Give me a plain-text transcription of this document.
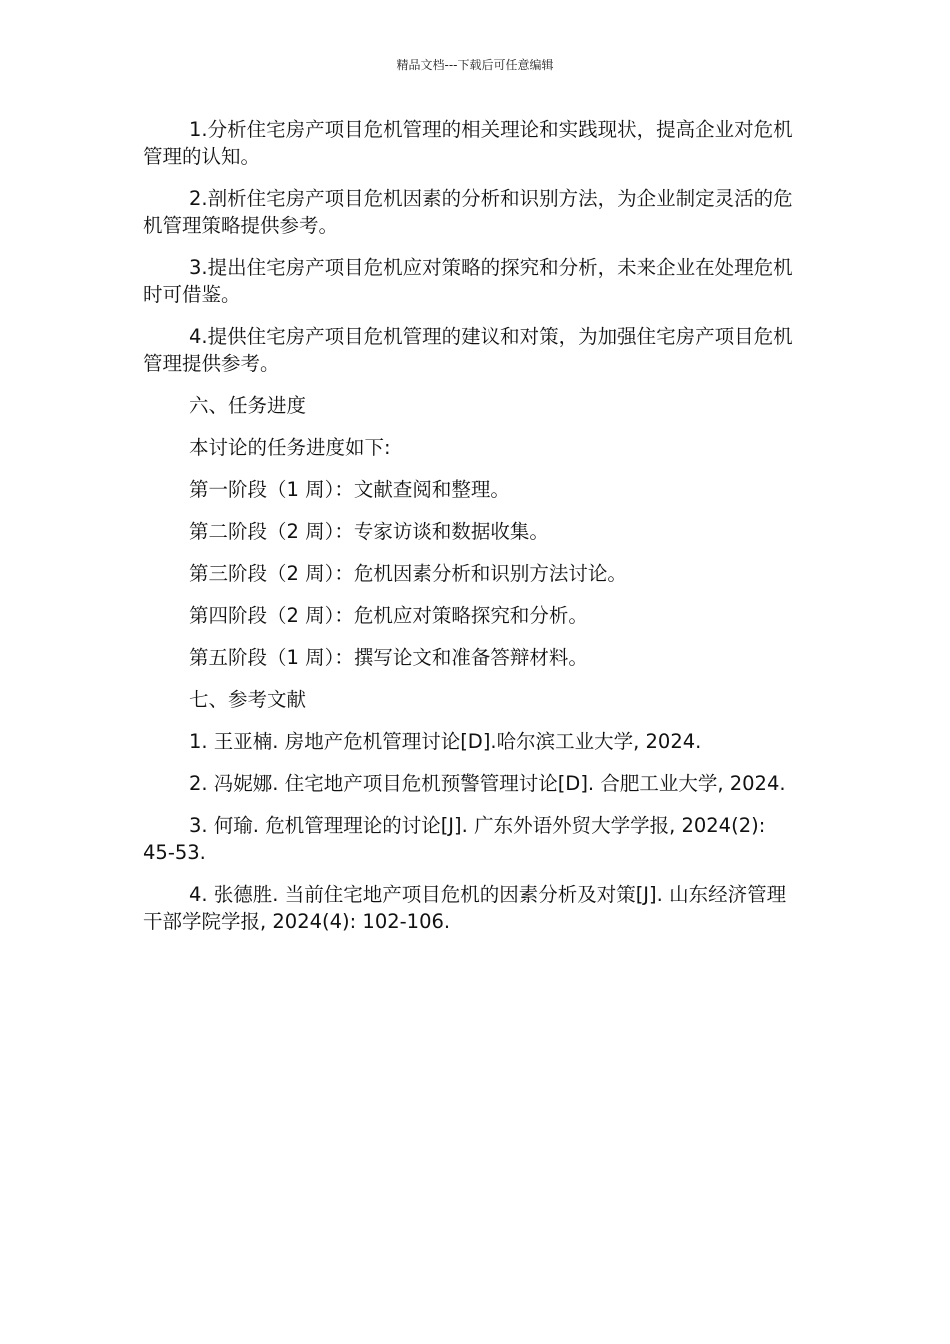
精品文档---下载后可任意编辑

1.分析住宅房产项目危机管理的相关理论和实践现状，提高企业对危机管理的认知。

2.剖析住宅房产项目危机因素的分析和识别方法，为企业制定灵活的危机管理策略提供参考。

3.提出住宅房产项目危机应对策略的探究和分析，未来企业在处理危机时可借鉴。

4.提供住宅房产项目危机管理的建议和对策，为加强住宅房产项目危机管理提供参考。

六、任务进度

本讨论的任务进度如下:

第一阶段（1 周）：文献查阅和整理。

第二阶段（2 周）：专家访谈和数据收集。

第三阶段（2 周）：危机因素分析和识别方法讨论。

第四阶段（2 周）：危机应对策略探究和分析。

第五阶段（1 周）：撰写论文和准备答辩材料。

七、参考文献

1. 王亚楠. 房地产危机管理讨论[D].哈尔滨工业大学, 2024.

2. 冯妮娜. 住宅地产项目危机预警管理讨论[D]. 合肥工业大学, 2024.

3. 何瑜. 危机管理理论的讨论[J]. 广东外语外贸大学学报, 2024(2): 45-53.

4. 张德胜. 当前住宅地产项目危机的因素分析及对策[J]. 山东经济管理干部学院学报, 2024(4): 102-106.
